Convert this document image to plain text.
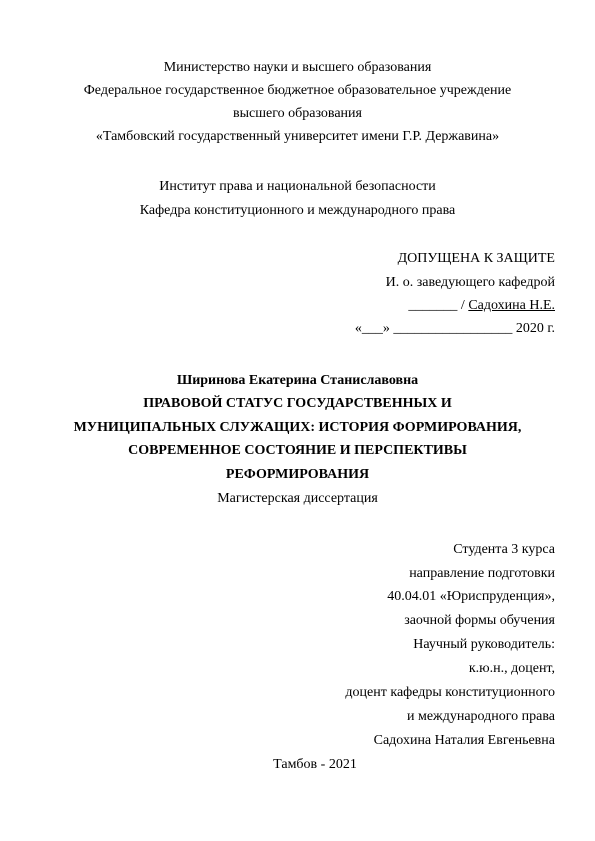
Министерство науки и высшего образования
Федеральное государственное бюджетное образовательное учреждение
высшего образования
«Тамбовский государственный университет имени Г.Р. Державина»
Институт права и национальной безопасности
Кафедра конституционного и международного права
ДОПУЩЕНА К ЗАЩИТЕ
И. о. заведующего кафедрой
_______ / Садохина Н.Е.
«___» _________________ 2020 г.
Ширинова Екатерина Станиславовна
ПРАВОВОЙ СТАТУС ГОСУДАРСТВЕННЫХ И
МУНИЦИПАЛЬНЫХ СЛУЖАЩИХ: ИСТОРИЯ ФОРМИРОВАНИЯ,
СОВРЕМЕННОЕ СОСТОЯНИЕ И ПЕРСПЕКТИВЫ
РЕФОРМИРОВАНИЯ
Магистерская диссертация
Студента 3 курса
направление подготовки
40.04.01 «Юриспруденция»,
заочной формы обучения
Научный руководитель:
к.ю.н., доцент,
доцент кафедры конституционного
и международного права
Садохина Наталия Евгеньевна
Тамбов - 2021
